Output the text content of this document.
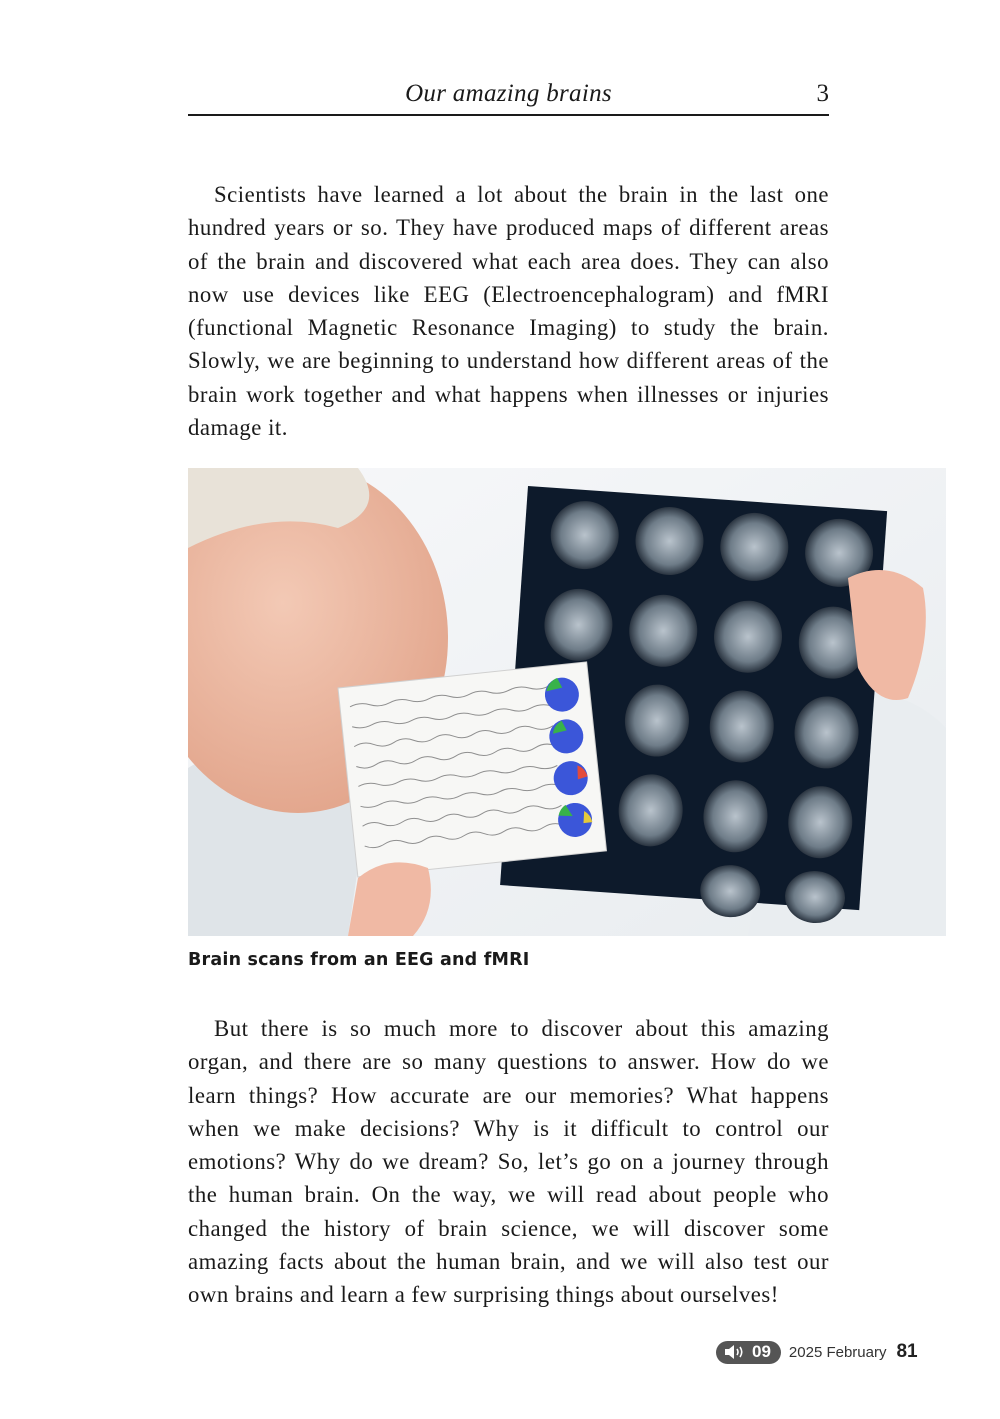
Our amazing brains	3

Scientists have learned a lot about the brain in the last one hundred years or so. They have produced maps of different areas of the brain and discovered what each area does. They can also now use devices like EEG (Electroencephalogram) and fMRI (functional Magnetic Resonance Imaging) to study the brain. Slowly, we are beginning to understand how different areas of the brain work together and what happens when illnesses or injuries damage it.

Brain scans from an EEG and fMRI

But there is so much more to discover about this amazing organ, and there are so many questions to answer. How do we learn things? How accurate are our memories? What happens when we make decisions? Why is it difficult to control our emotions? Why do we dream? So, let’s go on a journey through the human brain. On the way, we will read about people who changed the history of brain science, we will discover some amazing facts about the human brain, and we will also test our own brains and learn a few surprising things about ourselves!

09 2025 February 81
